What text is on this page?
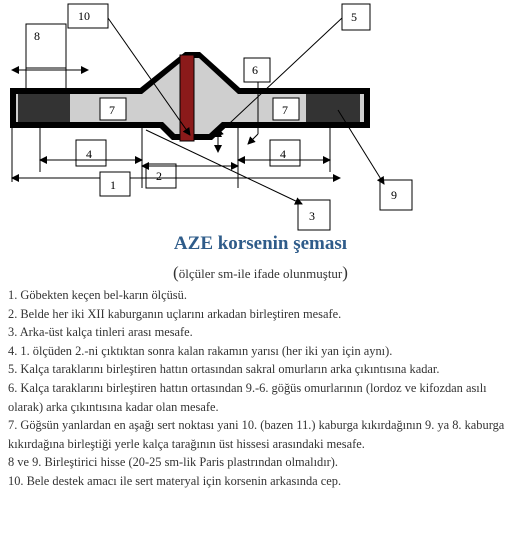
7	7
8
10	5
6
9
4	4
2
1
3
AZE korsenin şeması
(ölçüler sm-ile ifade olunmuştur)
1. Göbekten keçen bel-karın ölçüsü.
2. Belde her iki XII kaburganın uçlarını arkadan birleştiren mesafe.
3. Arka-üst kalça tinleri arası mesafe.
4. 1. ölçüden 2.-ni çıktıktan sonra kalan rakamın yarısı (her iki yan için aynı).
5. Kalça taraklarını birleştiren hattın ortasından sakral omurların arka çıkıntısına kadar.
6. Kalça taraklarını birleştiren hattın ortasından 9.-6. göğüs omurlarının (lordoz ve kifozdan asılı olarak) arka çıkıntısına kadar olan mesafe.
7. Göğsün yanlardan en aşağı sert noktası yani 10. (bazen 11.) kaburga kıkırdağının 9. ya 8. kaburga kıkırdağına birleştiği yerle kalça tarağının üst hissesi arasındaki mesafe.
8 ve 9. Birleştirici hisse (20-25 sm-lik Paris plastrından olmalıdır).
10. Bele destek amacı ile sert materyal için korsenin arkasında cep.
